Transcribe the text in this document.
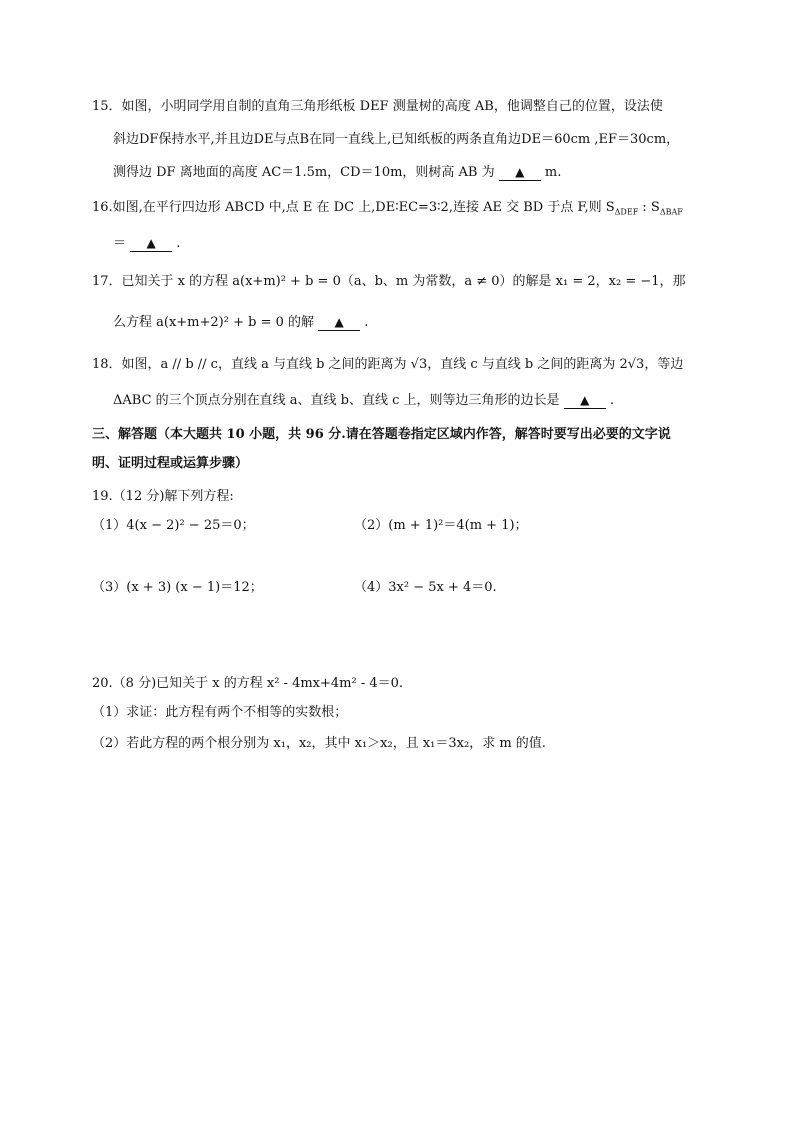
15．如图，小明同学用自制的直角三角形纸板 DEF 测量树的高度 AB，他调整自己的位置，设法使
斜边DF保持水平,并且边DE与点B在同一直线上,已知纸板的两条直角边DE＝60cm ,EF＝30cm，
测得边 DF 离地面的高度 AC＝1.5m，CD＝10m，则树高 AB 为 ▲ m.
16.如图,在平行四边形 ABCD 中,点 E 在 DC 上,DE∶EC=3∶2,连接 AE 交 BD 于点 F,则 $S_{\Delta DEF}$ : $S_{\Delta BAF}$
＝ ▲ .
17．已知关于 x 的方程 a(x+m)² + b = 0（a、b、m 为常数，a ≠ 0）的解是 x₁ = 2，x₂ = −1，那
么方程 a(x+m+2)² + b = 0 的解 ▲ .
18．如图，a // b // c，直线 a 与直线 b 之间的距离为 √3，直线 c 与直线 b 之间的距离为 2√3，等边
ΔABC 的三个顶点分别在直线 a、直线 b、直线 c 上，则等边三角形的边长是 ▲ .
三、解答题（本大题共 10 小题，共 96 分.请在答题卷指定区域内作答，解答时要写出必要的文字说
明、证明过程或运算步骤）
19.（12 分)解下列方程:
（1）4(x − 2)² − 25＝0；	（2）(m + 1)²＝4(m + 1)；
（3）(x + 3) (x − 1)＝12；	（4）3x² − 5x + 4＝0.
20.（8 分)已知关于 x 的方程 x² - 4mx+4m² - 4＝0.
（1）求证：此方程有两个不相等的实数根；
（2）若此方程的两个根分别为 x₁，x₂，其中 x₁＞x₂，且 x₁＝3x₂，求 m 的值.
